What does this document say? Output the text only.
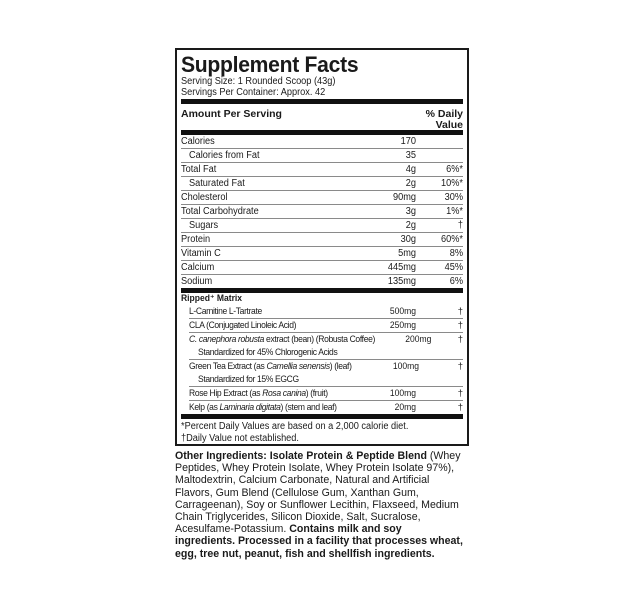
Supplement Facts
Serving Size: 1 Rounded Scoop (43g)
Servings Per Container: Approx. 42
Amount Per Serving	% Daily
Value
Calories	170
Calories from Fat	35
Total Fat	4g	6%*
Saturated Fat	2g	10%*
Cholesterol	90mg	30%
Total Carbohydrate	3g	1%*
Sugars	2g	†
Protein	30g	60%*
Vitamin C	5mg	8%
Calcium	445mg	45%
Sodium	135mg	6%
Ripped⁺ Matrix
L-Carnitine L-Tartrate	500mg	†
CLA (Conjugated Linoleic Acid)	250mg	†
C. canephora robusta extract (bean) (Robusta Coffee)	200mg	†
Standardized for 45% Chlorogenic Acids
Green Tea Extract (as Camellia senensis) (leaf)	100mg	†
Standardized for 15% EGCG
Rose Hip Extract (as Rosa canina) (fruit)	100mg	†
Kelp (as Laminaria digitata) (stem and leaf)	20mg	†
*Percent Daily Values are based on a 2,000 calorie diet.
†Daily Value not established.
Other Ingredients: Isolate Protein & Peptide Blend (Whey Peptides, Whey Protein Isolate, Whey Protein Isolate 97%), Maltodextrin, Calcium Carbonate, Natural and Artificial Flavors, Gum Blend (Cellulose Gum, Xanthan Gum, Carrageenan), Soy or Sunflower Lecithin, Flaxseed, Medium Chain Triglycerides, Silicon Dioxide, Salt, Sucralose, Acesulfame-Potassium. Contains milk and soy ingredients. Processed in a facility that processes wheat, egg, tree nut, peanut, fish and shellfish ingredients.
